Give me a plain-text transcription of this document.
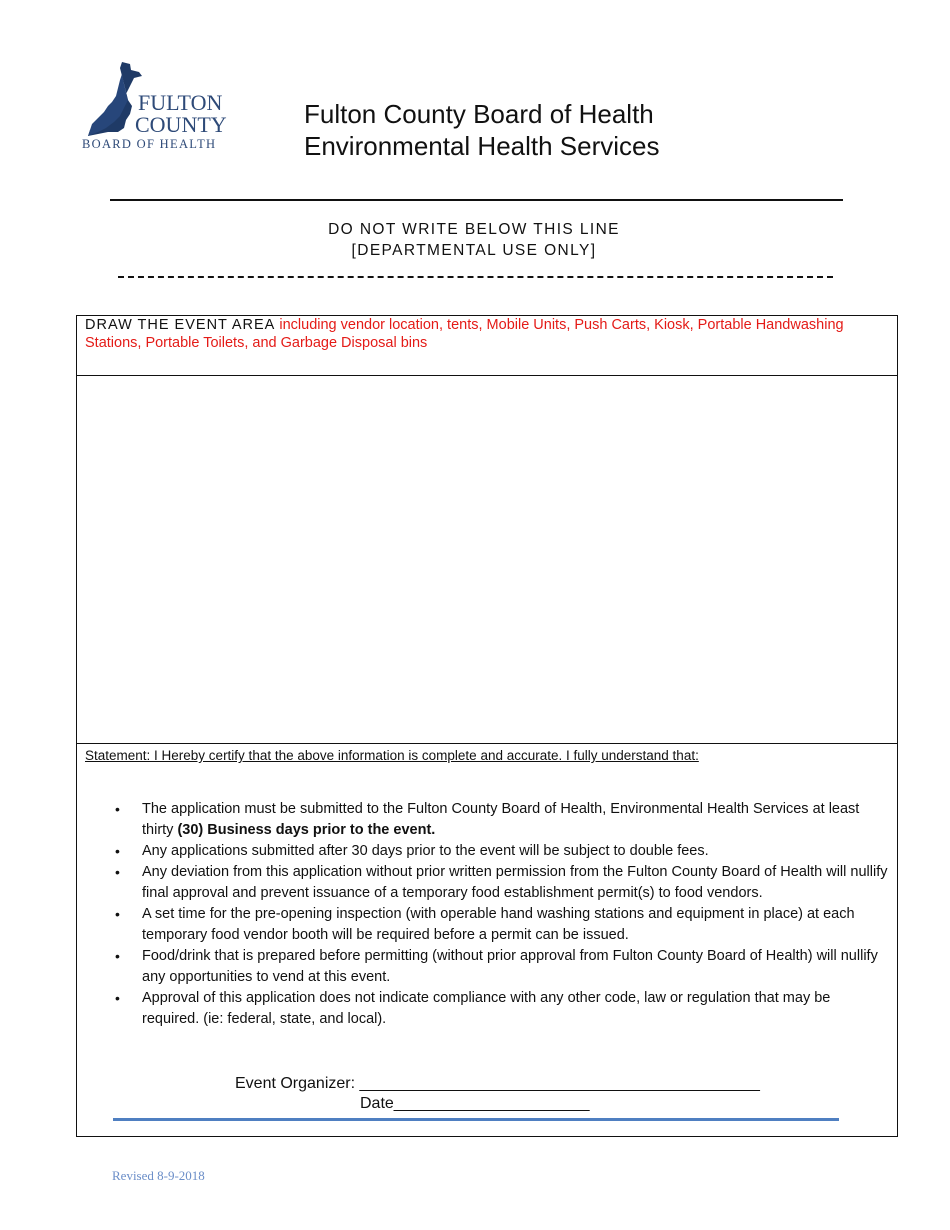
FULTON
COUNTY
BOARD OF HEALTH
Fulton County Board of Health
Environmental Health Services
DO NOT WRITE BELOW THIS LINE
[DEPARTMENTAL USE ONLY]
DRAW THE EVENT AREA including vendor location, tents, Mobile Units, Push Carts, Kiosk, Portable Handwashing Stations, Portable Toilets, and Garbage Disposal bins
Statement: I Hereby certify that the above information is complete and accurate. I fully understand that:
• The application must be submitted to the Fulton County Board of Health, Environmental Health Services at least thirty (30) Business days prior to the event.
• Any applications submitted after 30 days prior to the event will be subject to double fees.
• Any deviation from this application without prior written permission from the Fulton County Board of Health will nullify final approval and prevent issuance of a temporary food establishment permit(s) to food vendors.
• A set time for the pre-opening inspection (with operable hand washing stations and equipment in place) at each temporary food vendor booth will be required before a permit can be issued.
• Food/drink that is prepared before permitting (without prior approval from Fulton County Board of Health) will nullify any opportunities to vend at this event.
• Approval of this application does not indicate compliance with any other code, law or regulation that may be required. (ie: federal, state, and local).
Event Organizer: _____________________________________________
Date______________________
Revised 8-9-2018
